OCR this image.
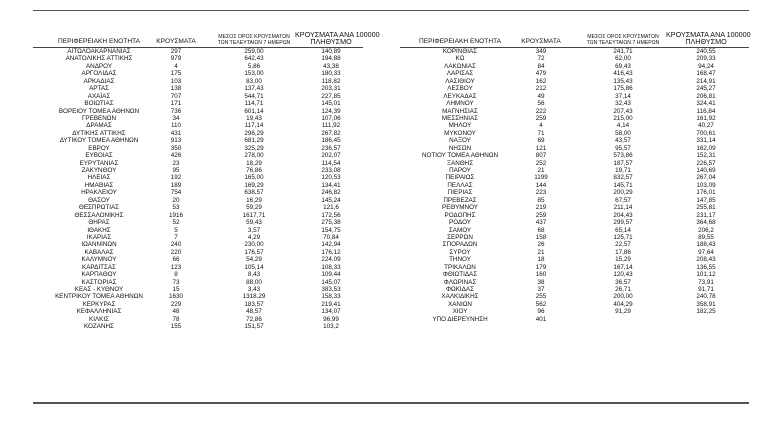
ΠΕΡΙΦΕΡΕΙΑΚΗ ΕΝΟΤΗΤΑ	ΚΡΟΥΣΜΑΤΑ
ΜΕΣΟΣ ΟΡΟΣ ΚΡΟΥΣΜΑΤΩΝ
ΤΩΝ ΤΕΛΕΥΤΑΙΩΝ 7 ΗΜΕΡΩΝ
ΚΡΟΥΣΜΑΤΑ ΑΝΑ 100000
ΠΛΗΘΥΣΜΟ
ΑΙΤΩΛΟΑΚΑΡΝΑΝΙΑΣ	297	259,00	140,89
ΑΝΑΤΟΛΙΚΗΣ ΑΤΤΙΚΗΣ	979	642,43	194,88
ΑΝΔΡΟΥ	4	5,86	43,38
ΑΡΓΟΛΙΔΑΣ	175	153,00	180,33
ΑΡΚΑΔΙΑΣ	103	83,00	118,82
ΑΡΤΑΣ	138	137,43	203,31
ΑΧΑΪΑΣ	707	544,71	227,85
ΒΟΙΩΤΙΑΣ	171	114,71	145,01
ΒΟΡΕΙΟΥ ΤΟΜΕΑ ΑΘΗΝΩΝ	736	601,14	124,39
ΓΡΕΒΕΝΩΝ	34	19,43	107,06
ΔΡΑΜΑΣ	110	117,14	111,92
ΔΥΤΙΚΗΣ ΑΤΤΙΚΗΣ	431	296,29	267,82
ΔΥΤΙΚΟΥ ΤΟΜΕΑ ΑΘΗΝΩΝ	913	681,29	186,45
ΕΒΡΟΥ	350	325,29	236,57
ΕΥΒΟΙΑΣ	426	278,00	202,07
ΕΥΡΥΤΑΝΙΑΣ	23	18,29	114,54
ΖΑΚΥΝΘΟΥ	95	76,86	233,08
ΗΛΕΙΑΣ	192	165,00	120,53
ΗΜΑΘΙΑΣ	189	169,29	134,41
ΗΡΑΚΛΕΙΟΥ	754	638,57	246,82
ΘΑΣΟΥ	20	16,29	145,24
ΘΕΣΠΡΩΤΙΑΣ	53	59,29	121,6
ΘΕΣΣΑΛΟΝΙΚΗΣ	1916	1617,71	172,56
ΘΗΡΑΣ	52	59,43	275,38
ΙΘΑΚΗΣ	5	3,57	154,75
ΙΚΑΡΙΑΣ	7	4,29	70,84
ΙΩΑΝΝΙΝΩΝ	240	230,00	142,94
ΚΑΒΑΛΑΣ	220	176,57	176,12
ΚΑΛΥΜΝΟΥ	66	54,29	224,09
ΚΑΡΔΙΤΣΑΣ	123	105,14	108,33
ΚΑΡΠΑΘΟΥ	8	8,43	109,44
ΚΑΣΤΟΡΙΑΣ	73	88,00	145,07
ΚΕΑΣ - ΚΥΘΝΟΥ	15	3,43	383,53
ΚΕΝΤΡΙΚΟΥ ΤΟΜΕΑ ΑΘΗΝΩΝ	1630	1318,29	158,33
ΚΕΡΚΥΡΑΣ	229	183,57	219,41
ΚΕΦΑΛΛΗΝΙΑΣ	48	48,57	134,07
ΚΙΛΚΙΣ	78	72,86	96,99
ΚΟΖΑΝΗΣ	155	151,57	103,2
ΠΕΡΙΦΕΡΕΙΑΚΗ ΕΝΟΤΗΤΑ	ΚΡΟΥΣΜΑΤΑ
ΜΕΣΟΣ ΟΡΟΣ ΚΡΟΥΣΜΑΤΩΝ
ΤΩΝ ΤΕΛΕΥΤΑΙΩΝ 7 ΗΜΕΡΩΝ
ΚΡΟΥΣΜΑΤΑ ΑΝΑ 100000
ΠΛΗΘΥΣΜΟ
ΚΟΡΙΝΘΙΑΣ	349	241,71	240,55
ΚΩ	72	62,00	209,33
ΛΑΚΩΝΙΑΣ	84	69,43	94,24
ΛΑΡΙΣΑΣ	479	416,43	168,47
ΛΑΣΙΘΙΟΥ	162	135,43	214,91
ΛΕΣΒΟΥ	212	175,86	245,27
ΛΕΥΚΑΔΑΣ	49	37,14	206,81
ΛΗΜΝΟΥ	56	32,43	324,41
ΜΑΓΝΗΣΙΑΣ	222	207,43	116,84
ΜΕΣΣΗΝΙΑΣ	259	215,00	161,92
ΜΗΛΟΥ	4	4,14	40,27
ΜΥΚΟΝΟΥ	71	58,00	700,61
ΝΑΞΟΥ	69	43,57	331,14
ΝΗΣΩΝ	121	95,57	162,09
ΝΟΤΙΟΥ ΤΟΜΕΑ ΑΘΗΝΩΝ	807	573,86	152,31
ΞΑΝΘΗΣ	252	187,57	226,57
ΠΑΡΟΥ	21	19,71	140,69
ΠΕΙΡΑΙΩΣ	1199	832,57	267,04
ΠΕΛΛΑΣ	144	145,71	103,09
ΠΙΕΡΙΑΣ	223	200,29	176,01
ΠΡΕΒΕΖΑΣ	85	67,57	147,85
ΡΕΘΥΜΝΟΥ	219	211,14	255,81
ΡΟΔΟΠΗΣ	259	204,43	231,17
ΡΟΔΟΥ	437	299,57	364,68
ΣΑΜΟΥ	68	65,14	206,2
ΣΕΡΡΩΝ	158	125,71	89,55
ΣΠΟΡΑΔΩΝ	26	22,57	188,43
ΣΥΡΟΥ	21	17,86	97,64
ΤΗΝΟΥ	18	15,29	208,43
ΤΡΙΚΑΛΩΝ	179	167,14	136,55
ΦΘΙΩΤΙΔΑΣ	160	120,43	101,12
ΦΛΩΡΙΝΑΣ	38	36,57	73,91
ΦΩΚΙΔΑΣ	37	26,71	91,71
ΧΑΛΚΙΔΙΚΗΣ	255	200,00	240,78
ΧΑΝΙΩΝ	562	404,29	358,91
ΧΙΟΥ	96	91,29	182,25
ΥΠΟ ΔΙΕΡΕΥΝΗΣΗ	401
